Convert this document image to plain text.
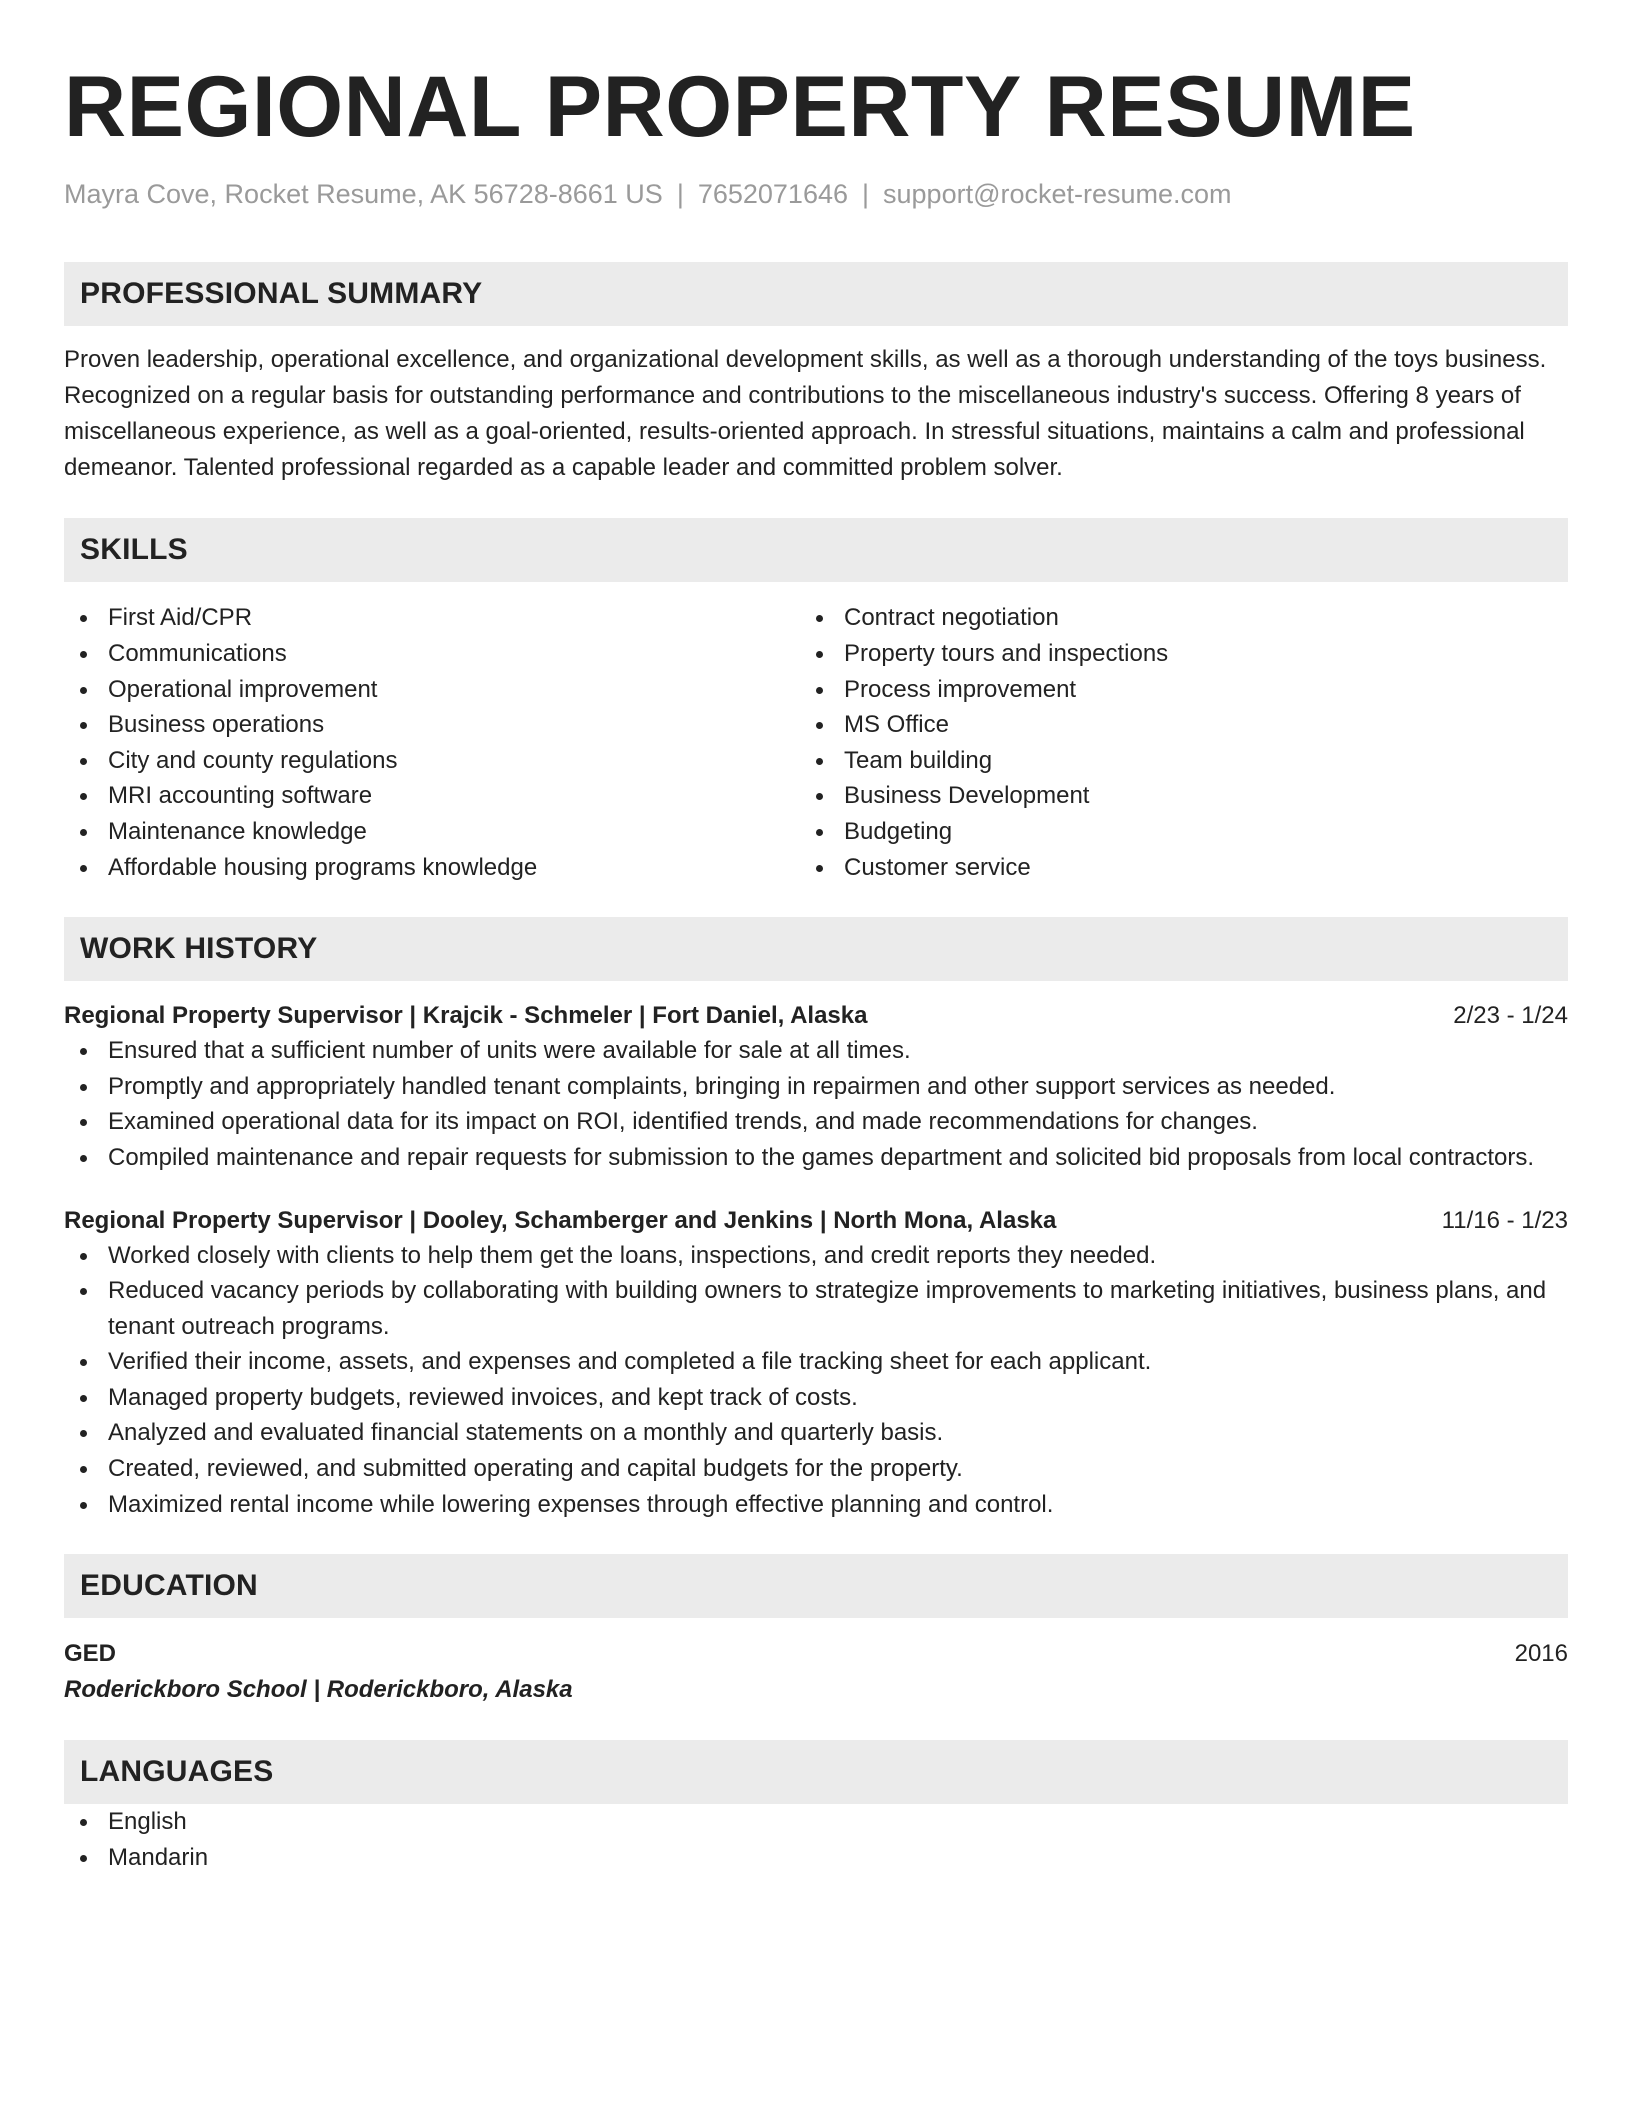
REGIONAL PROPERTY RESUME
Mayra Cove, Rocket Resume, AK 56728-8661 US | 7652071646 | support@rocket-resume.com
PROFESSIONAL SUMMARY

Proven leadership, operational excellence, and organizational development skills, as well as a thorough understanding of the toys business. Recognized on a regular basis for outstanding performance and contributions to the miscellaneous industry's success. Offering 8 years of miscellaneous experience, as well as a goal-oriented, results-oriented approach. In stressful situations, maintains a calm and professional demeanor. Talented professional regarded as a capable leader and committed problem solver.

SKILLS
First Aid/CPR
Communications
Operational improvement
Business operations
City and county regulations
MRI accounting software
Maintenance knowledge
Affordable housing programs knowledge
Contract negotiation
Property tours and inspections
Process improvement
MS Office
Team building
Business Development
Budgeting
Customer service
WORK HISTORY
Regional Property Supervisor | Krajcik - Schmeler | Fort Daniel, Alaska	2/23 - 1/24
Ensured that a sufficient number of units were available for sale at all times.
Promptly and appropriately handled tenant complaints, bringing in repairmen and other support services as needed.
Examined operational data for its impact on ROI, identified trends, and made recommendations for changes.
Compiled maintenance and repair requests for submission to the games department and solicited bid proposals from local contractors.
Regional Property Supervisor | Dooley, Schamberger and Jenkins | North Mona, Alaska	11/16 - 1/23
Worked closely with clients to help them get the loans, inspections, and credit reports they needed.
Reduced vacancy periods by collaborating with building owners to strategize improvements to marketing initiatives, business plans, and tenant outreach programs.
Verified their income, assets, and expenses and completed a file tracking sheet for each applicant.
Managed property budgets, reviewed invoices, and kept track of costs.
Analyzed and evaluated financial statements on a monthly and quarterly basis.
Created, reviewed, and submitted operating and capital budgets for the property.
Maximized rental income while lowering expenses through effective planning and control.
EDUCATION
GED	2016
Roderickboro School | Roderickboro, Alaska
LANGUAGES
English
Mandarin
